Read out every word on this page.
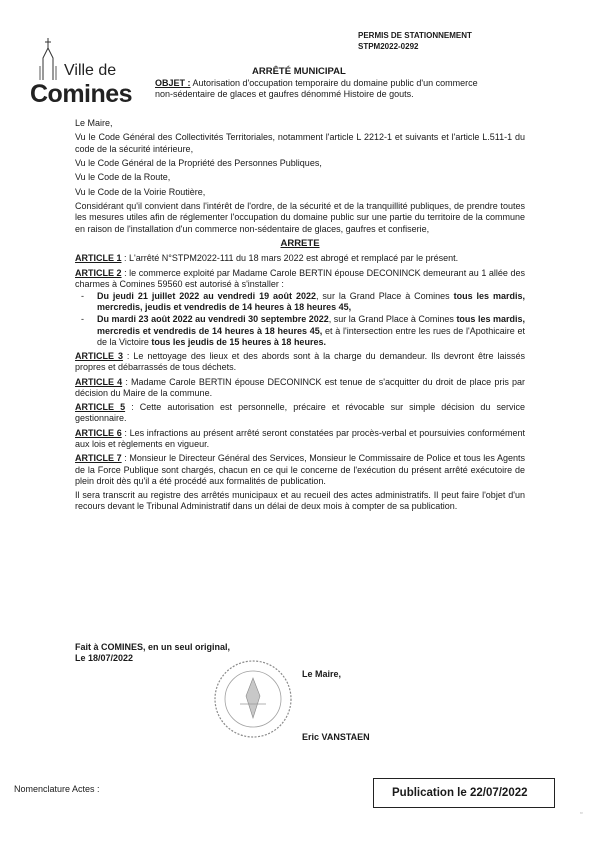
PERMIS DE STATIONNEMENT
STPM2022-0292
Ville de
Comines
ARRÊTÉ MUNICIPAL
OBJET : Autorisation d'occupation temporaire du domaine public d'un commerce non-sédentaire de glaces et gaufres dénommé Histoire de gouts.

Le Maire,

Vu le Code Général des Collectivités Territoriales, notamment l'article L 2212-1 et suivants et l'article L.511-1 du code de la sécurité intérieure,

Vu le Code Général de la Propriété des Personnes Publiques,

Vu le Code de la Route,

Vu le Code de la Voirie Routière,

Considérant qu'il convient dans l'intérêt de l'ordre, de la sécurité et de la tranquillité publiques, de prendre toutes les mesures utiles afin de réglementer l'occupation du domaine public sur une partie du territoire de la commune en raison de l'installation d'un commerce non-sédentaire de glaces, gaufres et confiserie,

ARRETE

ARTICLE 1 : L'arrêté N°STPM2022-111 du 18 mars 2022 est abrogé et remplacé par le présent.

ARTICLE 2 : le commerce exploité par Madame Carole BERTIN épouse DECONINCK demeurant au 1 allée des charmes à Comines 59560 est autorisé à s'installer :

- Du jeudi 21 juillet 2022 au vendredi 19 août 2022, sur la Grand Place à Comines tous les mardis, mercredis, jeudis et vendredis de 14 heures à 18 heures 45,
- Du mardi 23 août 2022 au vendredi 30 septembre 2022, sur la Grand Place à Comines tous les mardis, mercredis et vendredis de 14 heures à 18 heures 45, et à l'intersection entre les rues de l'Apothicaire et de la Victoire tous les jeudis de 15 heures à 18 heures.

ARTICLE 3 : Le nettoyage des lieux et des abords sont à la charge du demandeur. Ils devront être laissés propres et débarrassés de tous déchets.

ARTICLE 4 : Madame Carole BERTIN épouse DECONINCK est tenue de s'acquitter du droit de place pris par décision du Maire de la commune.

ARTICLE 5 : Cette autorisation est personnelle, précaire et révocable sur simple décision du service gestionnaire.

ARTICLE 6 : Les infractions au présent arrêté seront constatées par procès-verbal et poursuivies conformément aux lois et règlements en vigueur.

ARTICLE 7 : Monsieur le Directeur Général des Services, Monsieur le Commissaire de Police et tous les Agents de la Force Publique sont chargés, chacun en ce qui le concerne de l'exécution du présent arrêté exécutoire de plein droit dès qu'il a été procédé aux formalités de publication.

Il sera transcrit au registre des arrêtés municipaux et au recueil des actes administratifs. Il peut faire l'objet d'un recours devant le Tribunal Administratif dans un délai de deux mois à compter de sa publication.

Fait à COMINES, en un seul original,
Le 18/07/2022
Le Maire,
Eric VANSTAEN
Nomenclature Actes :	Publication le 22/07/2022
▫
